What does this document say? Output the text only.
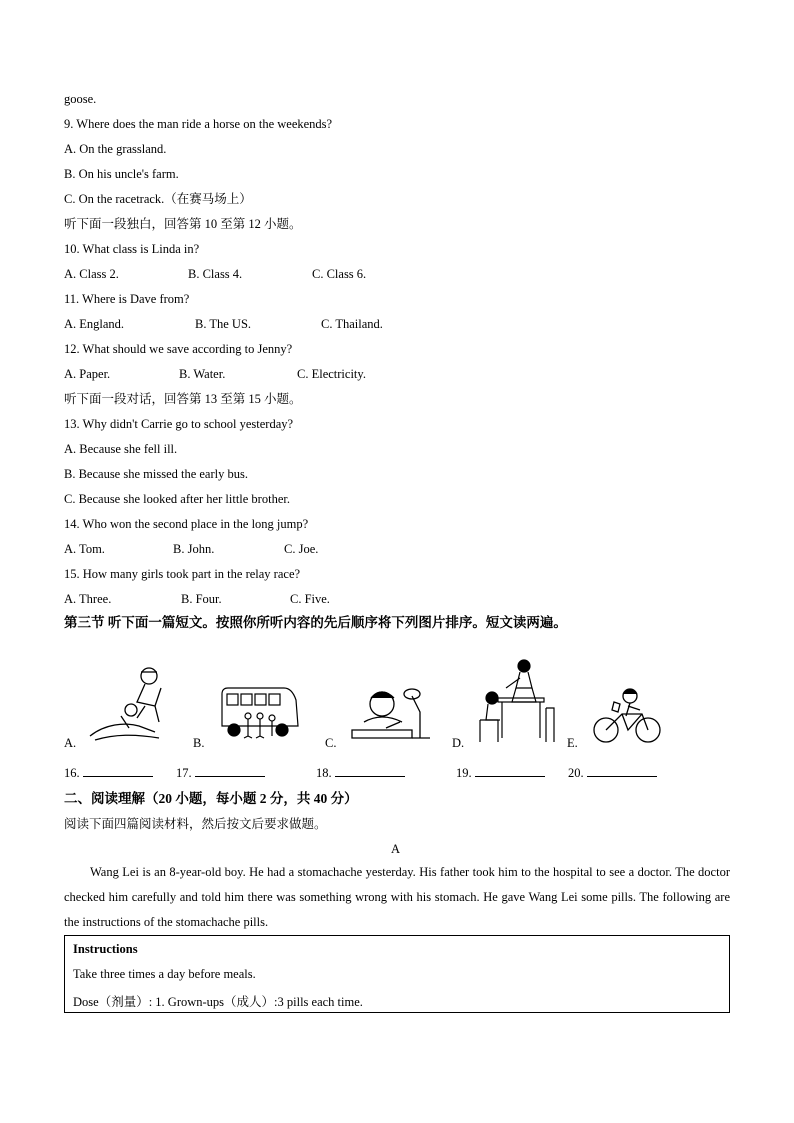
goose.
9. Where does the man ride a horse on the weekends?
A. On the grassland.
B. On his uncle's farm.
C. On the racetrack.（在赛马场上）
听下面一段独白，回答第 10 至第 12 小题。
10. What class is Linda in?
A. Class 2.	B. Class 4.	C. Class 6.
11. Where is Dave from?
A. England.	B. The US.	C. Thailand.
12. What should we save according to Jenny?
A. Paper.	B. Water.	C. Electricity.
听下面一段对话，回答第 13 至第 15 小题。
13. Why didn't Carrie go to school yesterday?
A. Because she fell ill.
B. Because she missed the early bus.
C. Because she looked after her little brother.
14. Who won the second place in the long jump?
A. Tom.	B. John.	C. Joe.
15. How many girls took part in the relay race?
A. Three.	B. Four.	C. Five.
第三节 听下面一篇短文。按照你所听内容的先后顺序将下列图片排序。短文读两遍。
A.	B.	C.	D.	E.
16.	17.	18.	19.	20.
二、阅读理解（20 小题，每小题 2 分，共 40 分）
阅读下面四篇阅读材料，然后按文后要求做题。
A
Wang Lei is an 8-year-old boy. He had a stomachache yesterday. His father took him to the hospital to see a doctor. The doctor checked him carefully and told him there was something wrong with his stomach. He gave Wang Lei some pills. The following are the instructions of the stomachache pills.
Instructions
Take three times a day before meals.
Dose（剂量）: 1. Grown-ups（成人）:3 pills each time.
